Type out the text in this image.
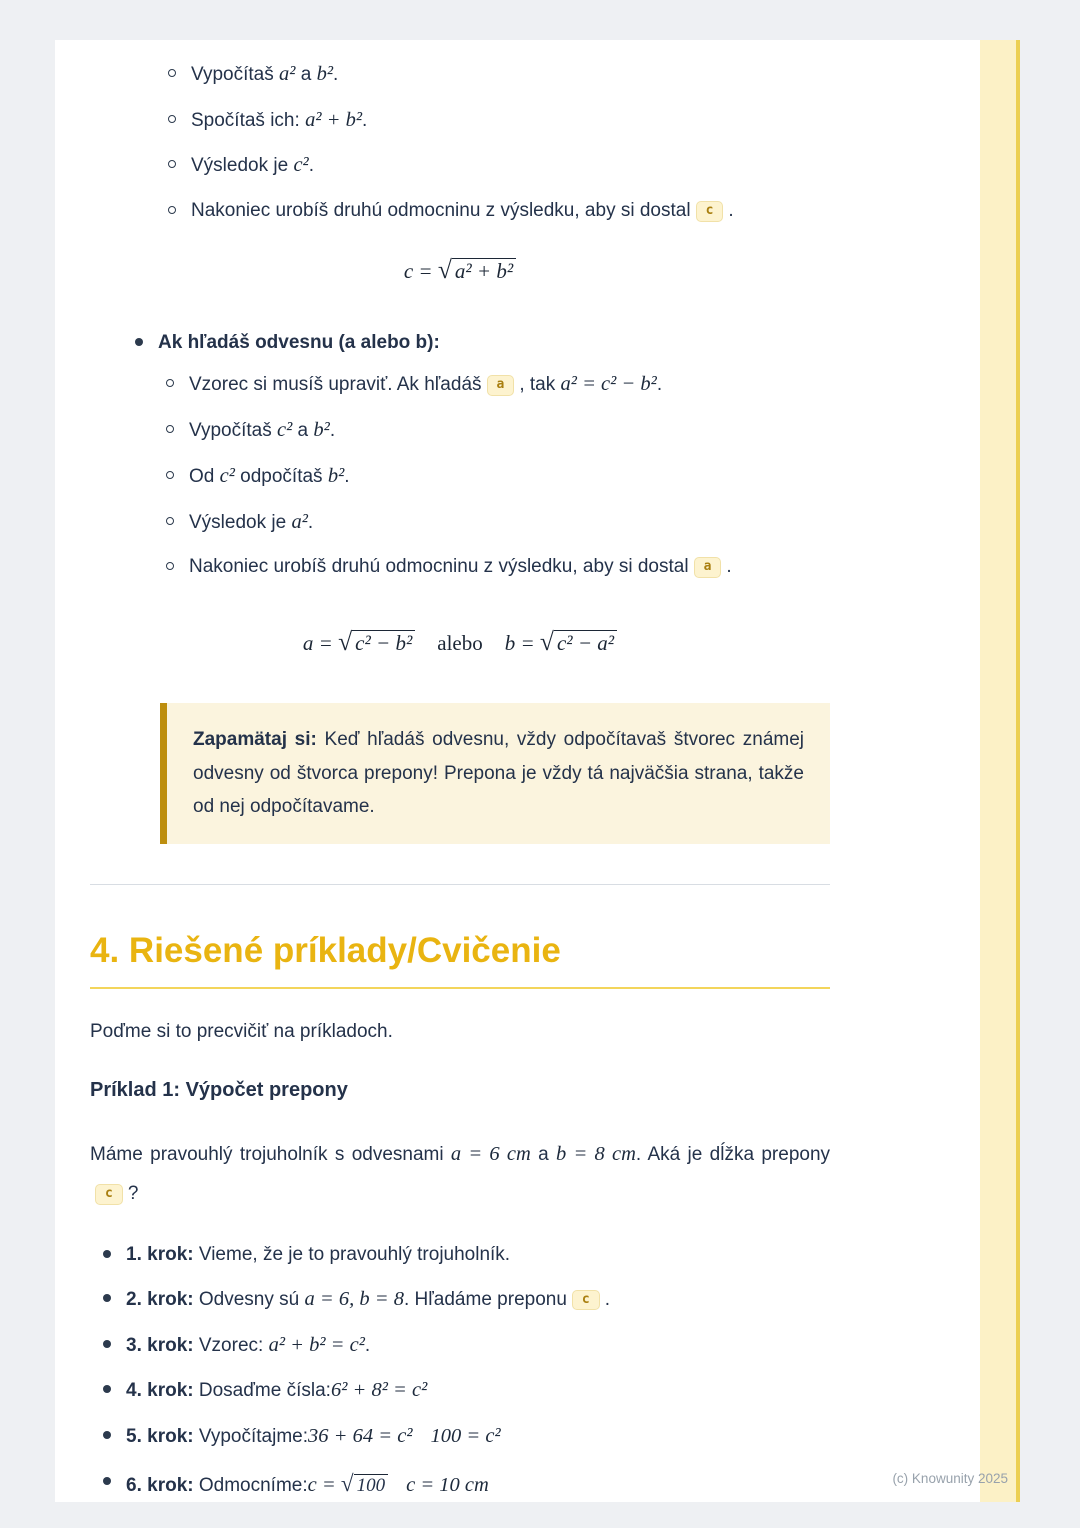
Vypočítaš a² a b².
Spočítaš ich: a² + b².
Výsledok je c².
Nakoniec urobíš druhú odmocninu z výsledku, aby si dostal c .
c = √ a² + b²
Ak hľadáš odvesnu (a alebo b):
Vzorec si musíš upraviť. Ak hľadáš a , tak a² = c² − b².
Vypočítaš c² a b².
Od c² odpočítaš b².
Výsledok je a².
Nakoniec urobíš druhú odmocninu z výsledku, aby si dostal a .
a = √ c² − b² alebo b = √ c² − a²
Zapamätaj si: Keď hľadáš odvesnu, vždy odpočítavaš štvorec známej odvesny od štvorca prepony! Prepona je vždy tá najväčšia strana, takže od nej odpočítavame.
4. Riešené príklady/Cvičenie

Poďme si to precvičiť na príkladoch.

Príklad 1: Výpočet prepony

Máme pravouhlý trojuholník s odvesnami a = 6 cm a b = 8 cm. Aká je dĺžka preponyc ?

1. krok: Vieme, že je to pravouhlý trojuholník.
2. krok: Odvesny sú a = 6, b = 8. Hľadáme preponu c .
3. krok: Vzorec: a² + b² = c².
4. krok: Dosaďme čísla:6² + 8² = c²
5. krok: Vypočítajme:36 + 64 = c² 100 = c²
6. krok: Odmocníme:c = √ 100 c = 10 cm	(c) Knowunity 2025
